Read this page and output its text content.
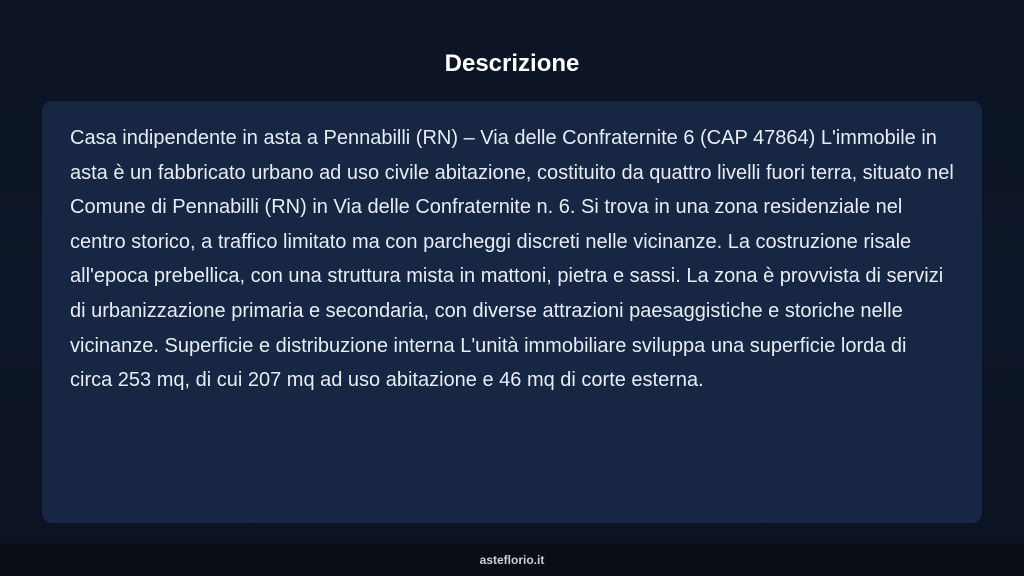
Descrizione

Casa indipendente in asta a Pennabilli (RN) – Via delle Confraternite 6 (CAP 47864) L'immobile in asta è un fabbricato urbano ad uso civile abitazione, costituito da quattro livelli fuori terra, situato nel Comune di Pennabilli (RN) in Via delle Confraternite n. 6. Si trova in una zona residenziale nel centro storico, a traffico limitato ma con parcheggi discreti nelle vicinanze. La costruzione risale all'epoca prebellica, con una struttura mista in mattoni, pietra e sassi. La zona è provvista di servizi di urbanizzazione primaria e secondaria, con diverse attrazioni paesaggistiche e storiche nelle vicinanze. Superficie e distribuzione interna L'unità immobiliare sviluppa una superficie lorda di circa 253 mq, di cui 207 mq ad uso abitazione e 46 mq di corte esterna.

asteflorio.it
